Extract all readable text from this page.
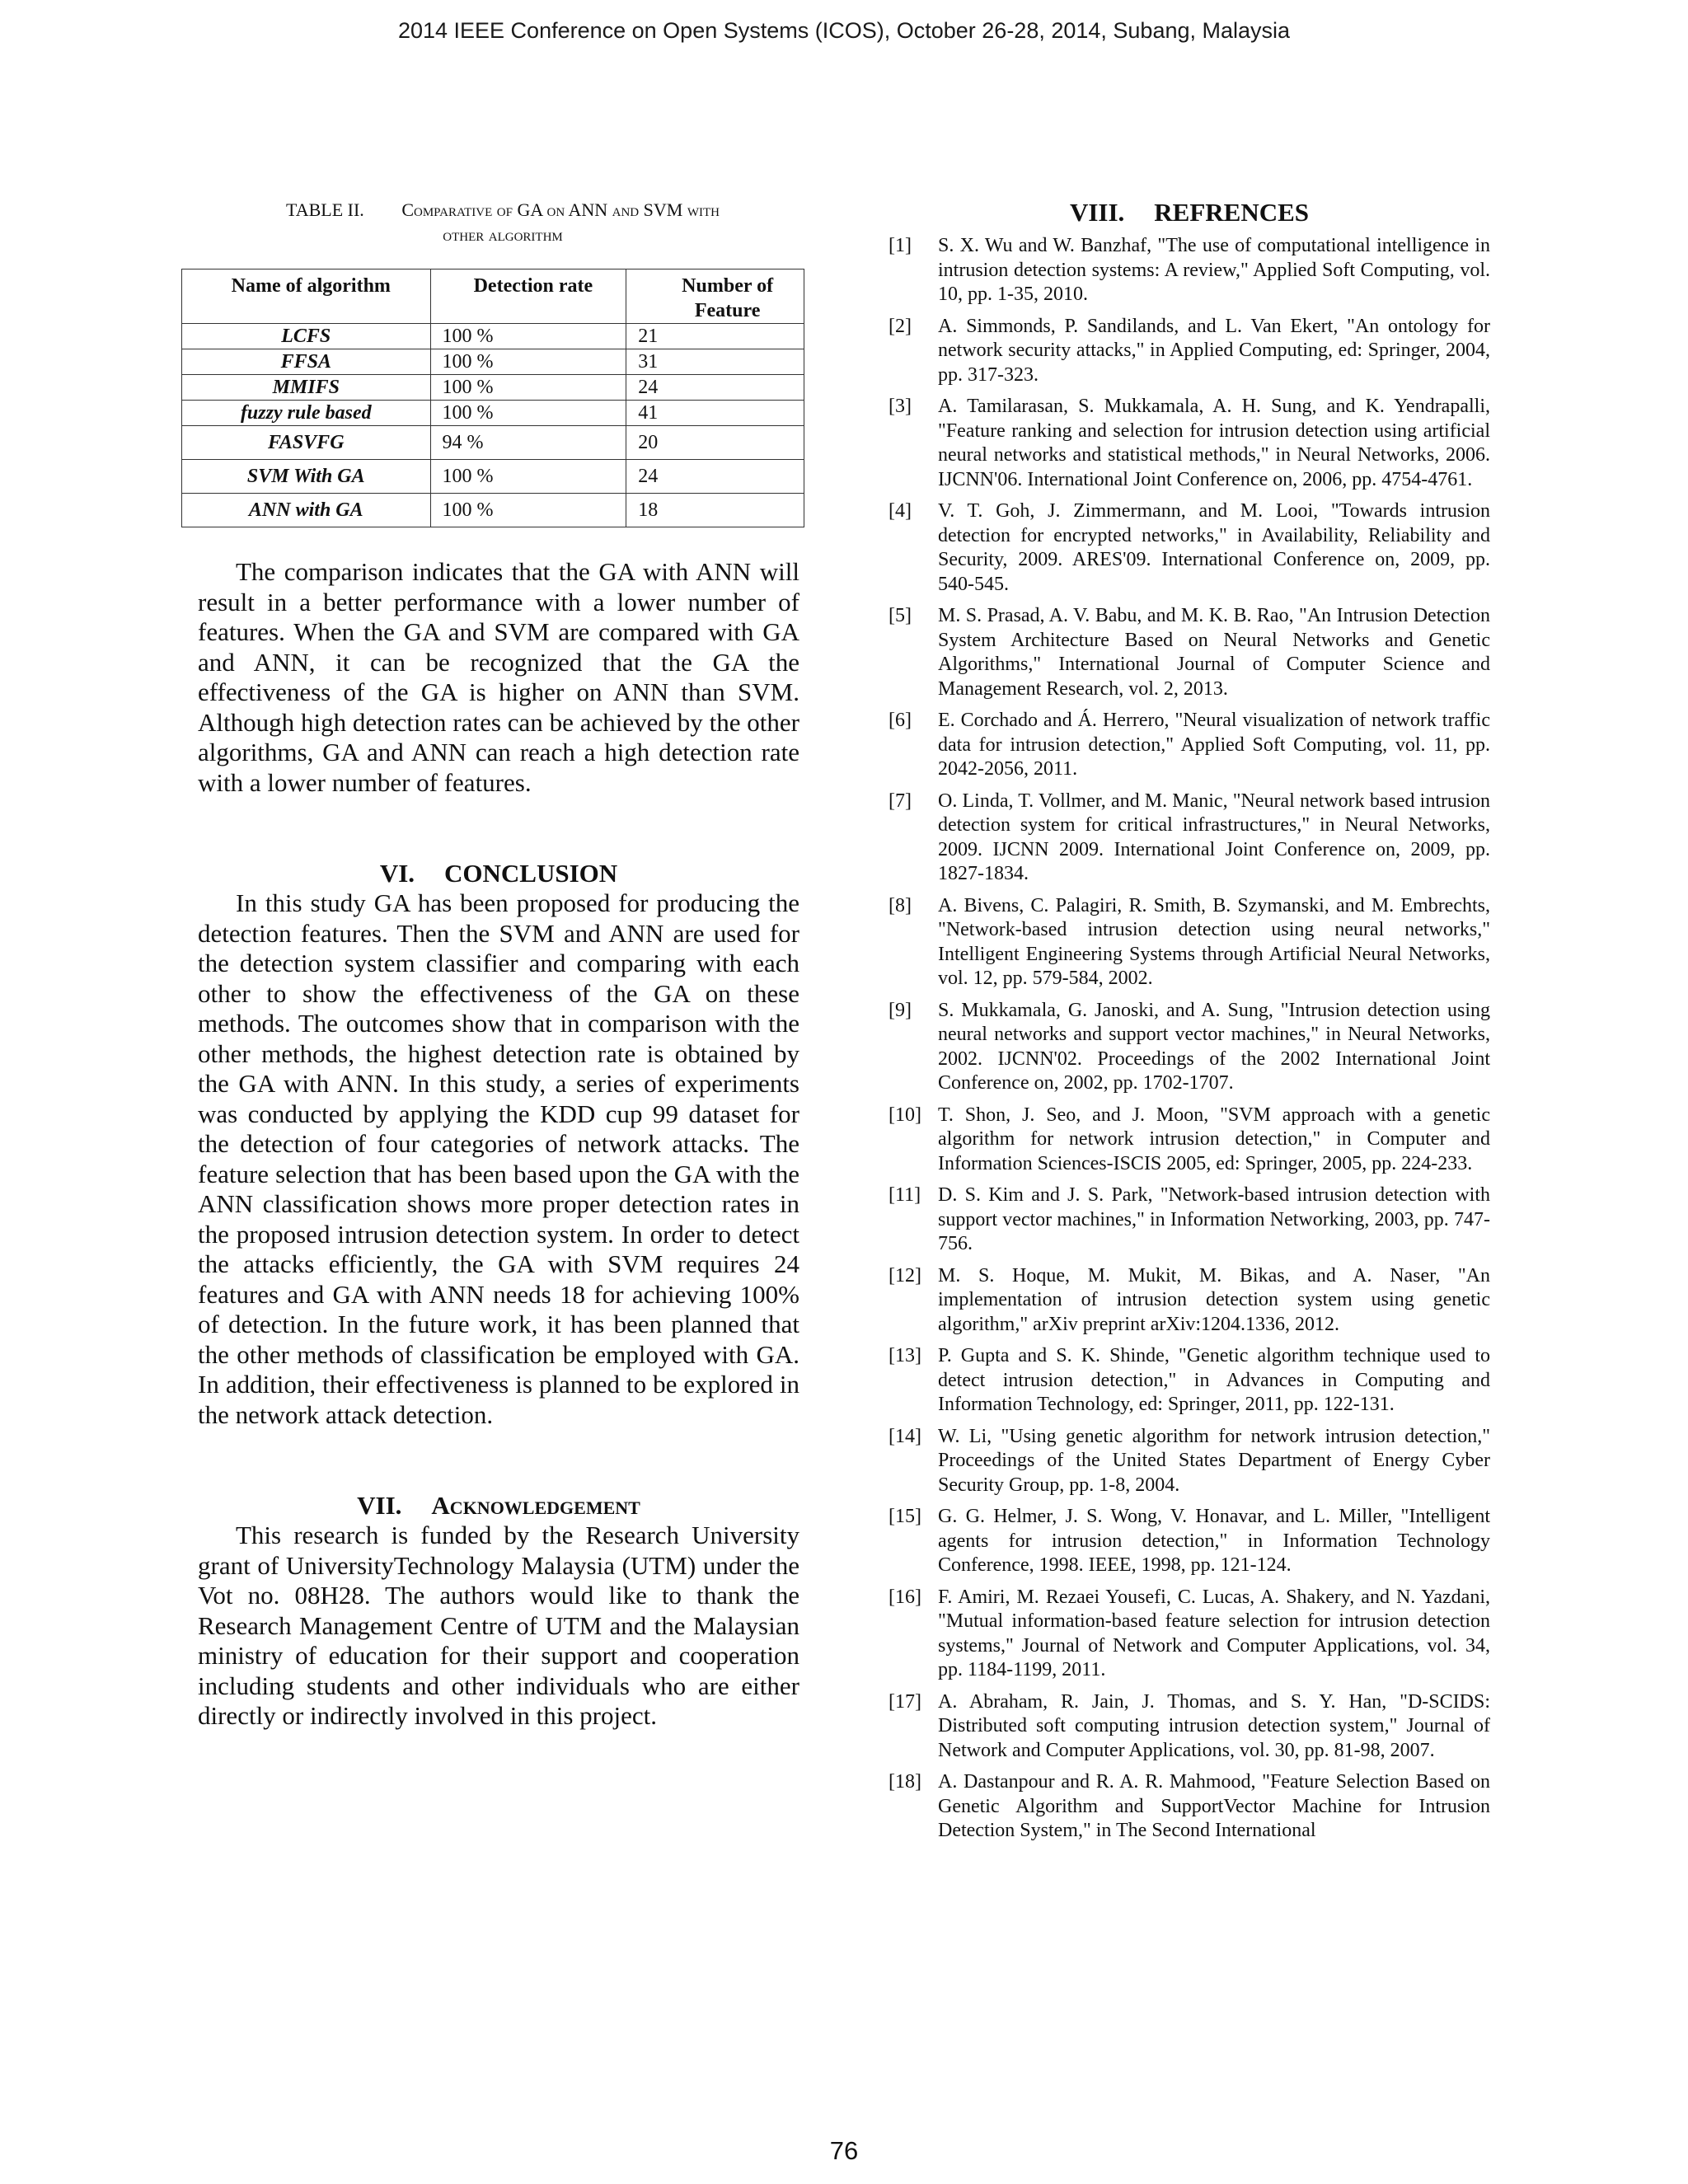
2014 IEEE Conference on Open Systems (ICOS), October 26-28, 2014, Subang, Malaysia
TABLE II. Comparative of GA on ANN and SVM with
other algorithm
Name of algorithm	Detection rate	Number of Feature
LCFS	100 %	21
FFSA	100 %	31
MMIFS	100 %	24
fuzzy rule based	100 %	41
FASVFG	94 %	20
SVM With GA	100 %	24
ANN with GA	100 %	18

The comparison indicates that the GA with ANN will result in a better performance with a lower number of features. When the GA and SVM are compared with GA and ANN, it can be recognized that the GA the effectiveness of the GA is higher on ANN than SVM. Although high detection rates can be achieved by the other algorithms, GA and ANN can reach a high detection rate with a lower number of features.

VI. CONCLUSION

In this study GA has been proposed for producing the detection features. Then the SVM and ANN are used for the detection system classifier and comparing with each other to show the effectiveness of the GA on these methods. The outcomes show that in comparison with the other methods, the highest detection rate is obtained by the GA with ANN. In this study, a series of experiments was conducted by applying the KDD cup 99 dataset for the detection of four categories of network attacks. The feature selection that has been based upon the GA with the ANN classification shows more proper detection rates in the proposed intrusion detection system. In order to detect the attacks efficiently, the GA with SVM requires 24 features and GA with ANN needs 18 for achieving 100% of detection. In the future work, it has been planned that the other methods of classification be employed with GA. In addition, their effectiveness is planned to be explored in the network attack detection.

VII. Acknowledgement

This research is funded by the Research University grant of UniversityTechnology Malaysia (UTM) under the Vot no. 08H28. The authors would like to thank the Research Management Centre of UTM and the Malaysian ministry of education for their support and cooperation including students and other individuals who are either directly or indirectly involved in this project.

VIII. REFRENCES
[1]	S. X. Wu and W. Banzhaf, "The use of computational intelligence in intrusion detection systems: A review," Applied Soft Computing, vol. 10, pp. 1-35, 2010.
[2]	A. Simmonds, P. Sandilands, and L. Van Ekert, "An ontology for network security attacks," in Applied Computing, ed: Springer, 2004, pp. 317-323.
[3]	A. Tamilarasan, S. Mukkamala, A. H. Sung, and K. Yendrapalli, "Feature ranking and selection for intrusion detection using artificial neural networks and statistical methods," in Neural Networks, 2006. IJCNN'06. International Joint Conference on, 2006, pp. 4754-4761.
[4]	V. T. Goh, J. Zimmermann, and M. Looi, "Towards intrusion detection for encrypted networks," in Availability, Reliability and Security, 2009. ARES'09. International Conference on, 2009, pp. 540-545.
[5]	M. S. Prasad, A. V. Babu, and M. K. B. Rao, "An Intrusion Detection System Architecture Based on Neural Networks and Genetic Algorithms," International Journal of Computer Science and Management Research, vol. 2, 2013.
[6]	E. Corchado and Á. Herrero, "Neural visualization of network traffic data for intrusion detection," Applied Soft Computing, vol. 11, pp. 2042-2056, 2011.
[7]	O. Linda, T. Vollmer, and M. Manic, "Neural network based intrusion detection system for critical infrastructures," in Neural Networks, 2009. IJCNN 2009. International Joint Conference on, 2009, pp. 1827-1834.
[8]	A. Bivens, C. Palagiri, R. Smith, B. Szymanski, and M. Embrechts, "Network-based intrusion detection using neural networks," Intelligent Engineering Systems through Artificial Neural Networks, vol. 12, pp. 579-584, 2002.
[9]	S. Mukkamala, G. Janoski, and A. Sung, "Intrusion detection using neural networks and support vector machines," in Neural Networks, 2002. IJCNN'02. Proceedings of the 2002 International Joint Conference on, 2002, pp. 1702-1707.
[10] T. Shon, J. Seo, and J. Moon, "SVM approach with a genetic algorithm for network intrusion detection," in Computer and Information Sciences-ISCIS 2005, ed: Springer, 2005, pp. 224-233.
[11] D. S. Kim and J. S. Park, "Network-based intrusion detection with support vector machines," in Information Networking, 2003, pp. 747-756.
[12] M. S. Hoque, M. Mukit, M. Bikas, and A. Naser, "An implementation of intrusion detection system using genetic algorithm," arXiv preprint arXiv:1204.1336, 2012.
[13] P. Gupta and S. K. Shinde, "Genetic algorithm technique used to detect intrusion detection," in Advances in Computing and Information Technology, ed: Springer, 2011, pp. 122-131.
[14] W. Li, "Using genetic algorithm for network intrusion detection," Proceedings of the United States Department of Energy Cyber Security Group, pp. 1-8, 2004.
[15] G. G. Helmer, J. S. Wong, V. Honavar, and L. Miller, "Intelligent agents for intrusion detection," in Information Technology Conference, 1998. IEEE, 1998, pp. 121-124.
[16] F. Amiri, M. Rezaei Yousefi, C. Lucas, A. Shakery, and N. Yazdani, "Mutual information-based feature selection for intrusion detection systems," Journal of Network and Computer Applications, vol. 34, pp. 1184-1199, 2011.
[17] A. Abraham, R. Jain, J. Thomas, and S. Y. Han, "D-SCIDS: Distributed soft computing intrusion detection system," Journal of Network and Computer Applications, vol. 30, pp. 81-98, 2007.
[18] A. Dastanpour and R. A. R. Mahmood, "Feature Selection Based on Genetic Algorithm and SupportVector Machine for Intrusion Detection System," in The Second International
76
